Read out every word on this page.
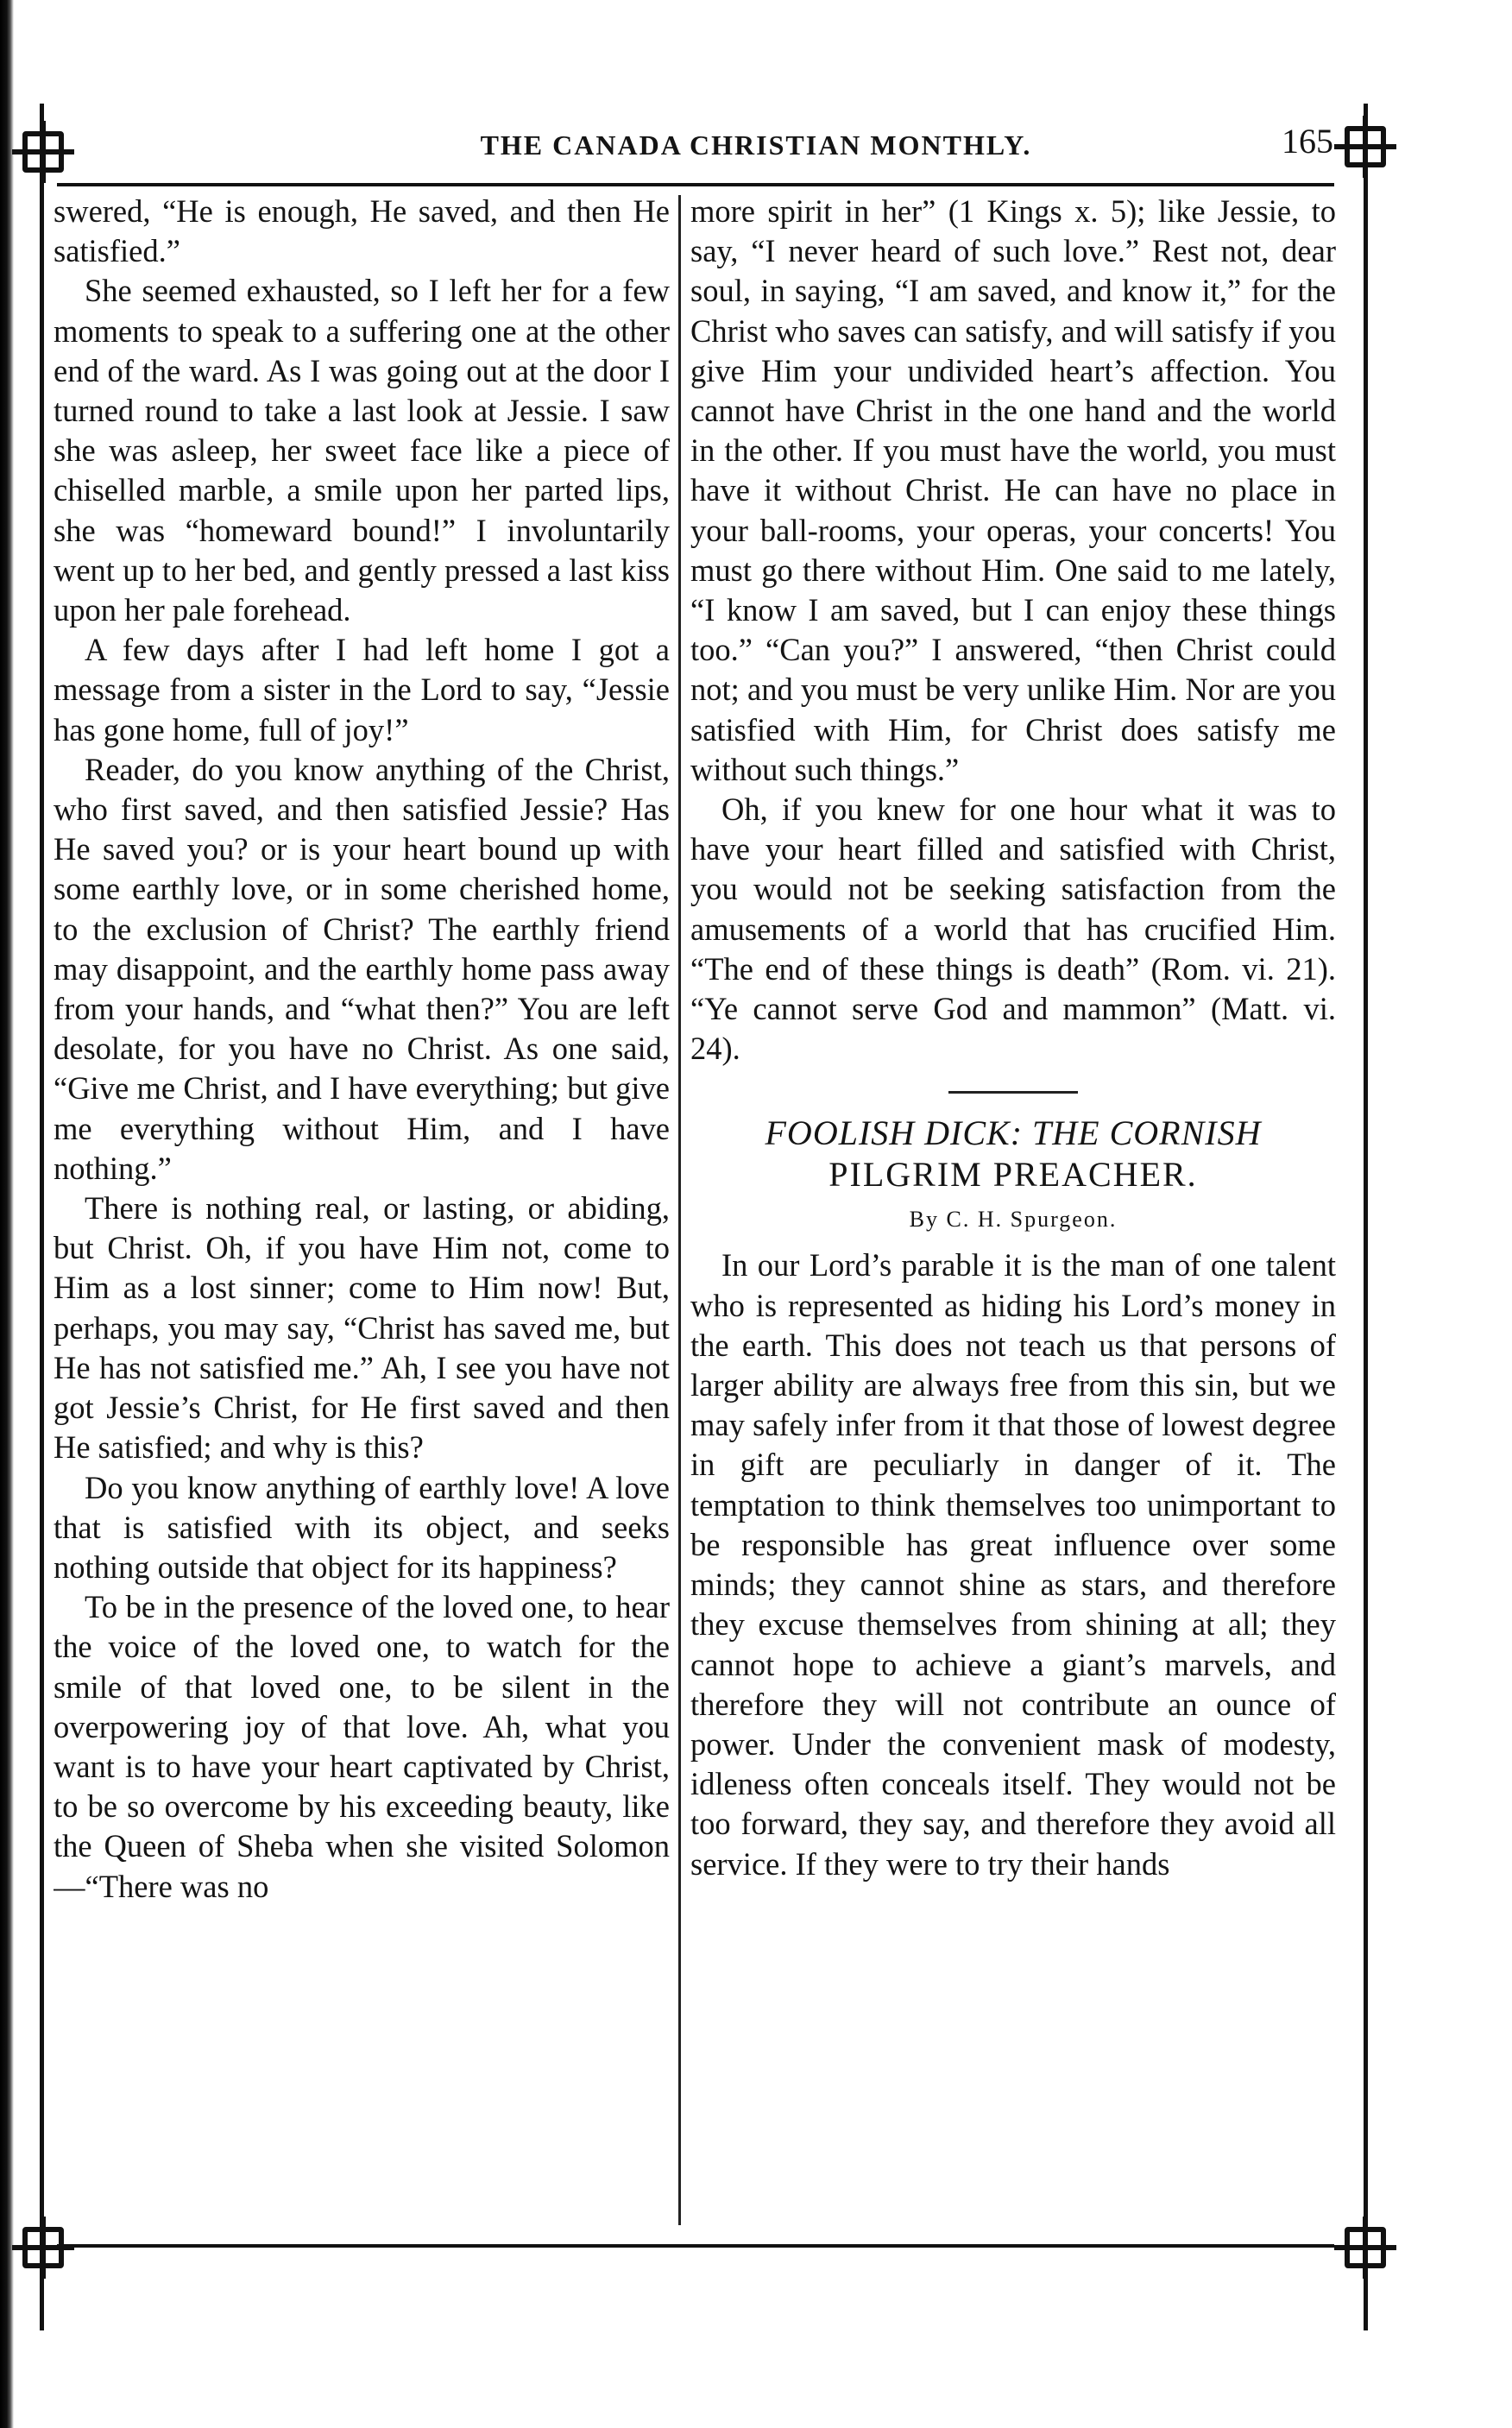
THE CANADA CHRISTIAN MONTHLY.	165

swered, “He is enough, He saved, and then He satisfied.”

She seemed exhausted, so I left her for a few moments to speak to a suffering one at the other end of the ward. As I was going out at the door I turned round to take a last look at Jessie. I saw she was asleep, her sweet face like a piece of chiselled marble, a smile upon her parted lips, she was “homeward bound!” I involuntarily went up to her bed, and gently pressed a last kiss upon her pale forehead.

A few days after I had left home I got a message from a sister in the Lord to say, “Jessie has gone home, full of joy!”

Reader, do you know anything of the Christ, who first saved, and then satisfied Jessie? Has He saved you? or is your heart bound up with some earthly love, or in some cherished home, to the exclusion of Christ? The earthly friend may disappoint, and the earthly home pass away from your hands, and “what then?” You are left desolate, for you have no Christ. As one said, “Give me Christ, and I have everything; but give me everything without Him, and I have nothing.”

There is nothing real, or lasting, or abiding, but Christ. Oh, if you have Him not, come to Him as a lost sinner; come to Him now! But, perhaps, you may say, “Christ has saved me, but He has not satisfied me.” Ah, I see you have not got Jessie’s Christ, for He first saved and then He satisfied; and why is this?

Do you know anything of earthly love! A love that is satisfied with its object, and seeks nothing outside that object for its happiness?

To be in the presence of the loved one, to hear the voice of the loved one, to watch for the smile of that loved one, to be silent in the overpowering joy of that love. Ah, what you want is to have your heart captivated by Christ, to be so overcome by his exceeding beauty, like the Queen of Sheba when she visited Solomon—“There was no

more spirit in her” (1 Kings x. 5); like Jessie, to say, “I never heard of such love.” Rest not, dear soul, in saying, “I am saved, and know it,” for the Christ who saves can satisfy, and will satisfy if you give Him your undivided heart’s affection. You cannot have Christ in the one hand and the world in the other. If you must have the world, you must have it without Christ. He can have no place in your ball-rooms, your operas, your concerts! You must go there without Him. One said to me lately, “I know I am saved, but I can enjoy these things too.” “Can you?” I answered, “then Christ could not; and you must be very unlike Him. Nor are you satisfied with Him, for Christ does satisfy me without such things.”

Oh, if you knew for one hour what it was to have your heart filled and satisfied with Christ, you would not be seeking satisfaction from the amusements of a world that has crucified Him. “The end of these things is death” (Rom. vi. 21). “Ye cannot serve God and mammon” (Matt. vi. 24).

FOOLISH DICK: THE CORNISH
PILGRIM PREACHER.
By C. H. Spurgeon.

In our Lord’s parable it is the man of one talent who is represented as hiding his Lord’s money in the earth. This does not teach us that persons of larger ability are always free from this sin, but we may safely infer from it that those of lowest degree in gift are peculiarly in danger of it. The temptation to think themselves too unimportant to be responsible has great influence over some minds; they cannot shine as stars, and therefore they excuse themselves from shining at all; they cannot hope to achieve a giant’s marvels, and therefore they will not contribute an ounce of power. Under the convenient mask of modesty, idleness often conceals itself. They would not be too forward, they say, and therefore they avoid all service. If they were to try their hands
